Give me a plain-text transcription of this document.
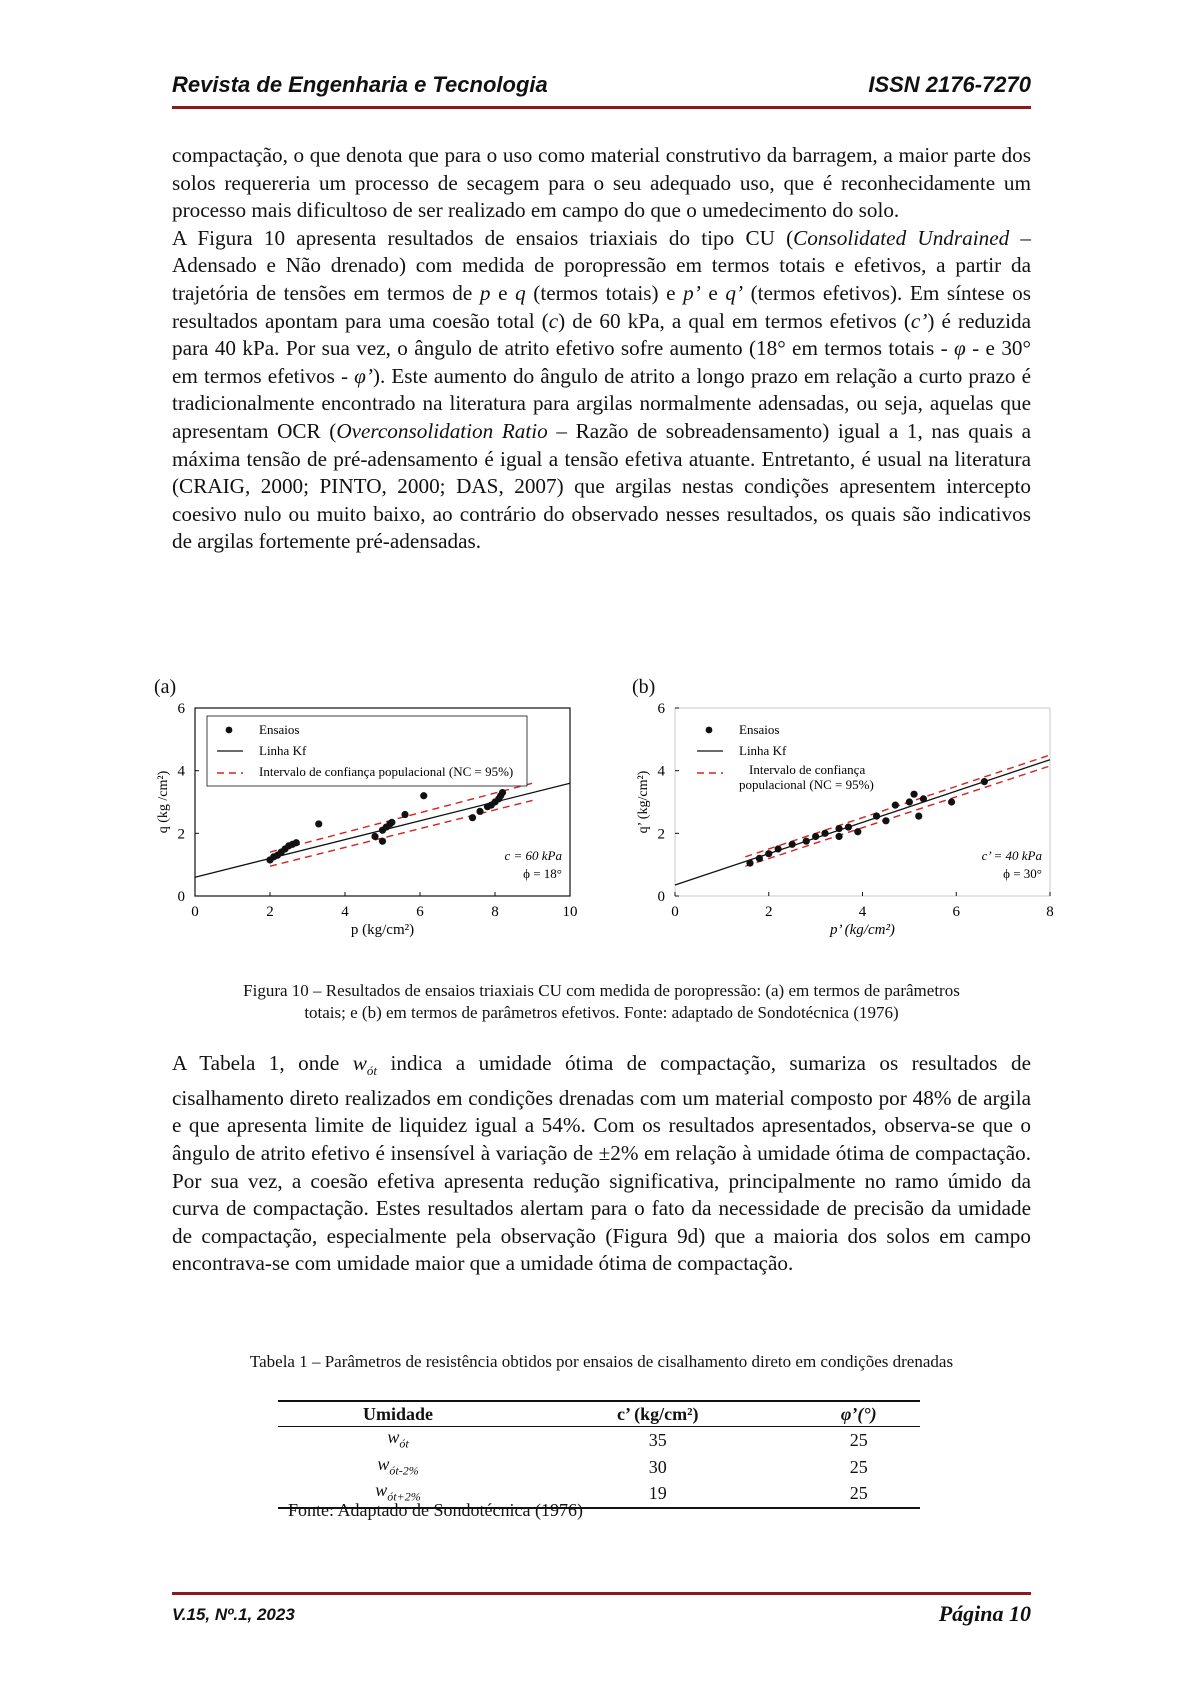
Revista de Engenharia e Tecnologia	ISSN 2176-7270

compactação, o que denota que para o uso como material construtivo da barragem, a maior parte dos solos requereria um processo de secagem para o seu adequado uso, que é reconhecidamente um processo mais dificultoso de ser realizado em campo do que o umedecimento do solo.

A Figura 10 apresenta resultados de ensaios triaxiais do tipo CU (Consolidated Undrained – Adensado e Não drenado) com medida de poropressão em termos totais e efetivos, a partir da trajetória de tensões em termos de p e q (termos totais) e p’ e q’ (termos efetivos). Em síntese os resultados apontam para uma coesão total (c) de 60 kPa, a qual em termos efetivos (c’) é reduzida para 40 kPa. Por sua vez, o ângulo de atrito efetivo sofre aumento (18° em termos totais - φ - e 30° em termos efetivos - φ’). Este aumento do ângulo de atrito a longo prazo em relação a curto prazo é tradicionalmente encontrado na literatura para argilas normalmente adensadas, ou seja, aquelas que apresentam OCR (Overconsolidation Ratio – Razão de sobreadensamento) igual a 1, nas quais a máxima tensão de pré-adensamento é igual a tensão efetiva atuante. Entretanto, é usual na literatura (CRAIG, 2000; PINTO, 2000; DAS, 2007) que argilas nestas condições apresentem intercepto coesivo nulo ou muito baixo, ao contrário do observado nesses resultados, os quais são indicativos de argilas fortemente pré-adensadas.

(a)	(b)
0	2	4	6	8	10
0
2
4
6
p (kg/cm²)
q (kg /cm²)
Ensaios
Linha Kf
Intervalo de confiança populacional (NC = 95%)
c = 60 kPa
ϕ = 18°
0	2	4	6	8
0
2
4
6
p’ (kg/cm²)
q’ (kg/cm²)
Ensaios
Linha Kf
Intervalo de confiança
populacional (NC = 95%)
c’ = 40 kPa
ϕ = 30°
Figura 10 – Resultados de ensaios triaxiais CU com medida de poropressão: (a) em termos de parâmetros
totais; e (b) em termos de parâmetros efetivos. Fonte: adaptado de Sondotécnica (1976)

A Tabela 1, onde $w_{ót}$ indica a umidade ótima de compactação, sumariza os resultados de cisalhamento direto realizados em condições drenadas com um material composto por 48% de argila e que apresenta limite de liquidez igual a 54%. Com os resultados apresentados, observa-se que o ângulo de atrito efetivo é insensível à variação de ±2% em relação à umidade ótima de compactação. Por sua vez, a coesão efetiva apresenta redução significativa, principalmente no ramo úmido da curva de compactação. Estes resultados alertam para o fato da necessidade de precisão da umidade de compactação, especialmente pela observação (Figura 9d) que a maioria dos solos em campo encontrava-se com umidade maior que a umidade ótima de compactação.

Tabela 1 – Parâmetros de resistência obtidos por ensaios de cisalhamento direto em condições drenadas
Umidade	c’ (kg/cm²)	φ’(°)
$w_{ót}$	35	25
$w_{ót-2\%}$	30	25
$w_{ót+2\%}$	19	25
Fonte: Adaptado de Sondotécnica (1976)
V.15, Nº.1, 2023	Página 10
